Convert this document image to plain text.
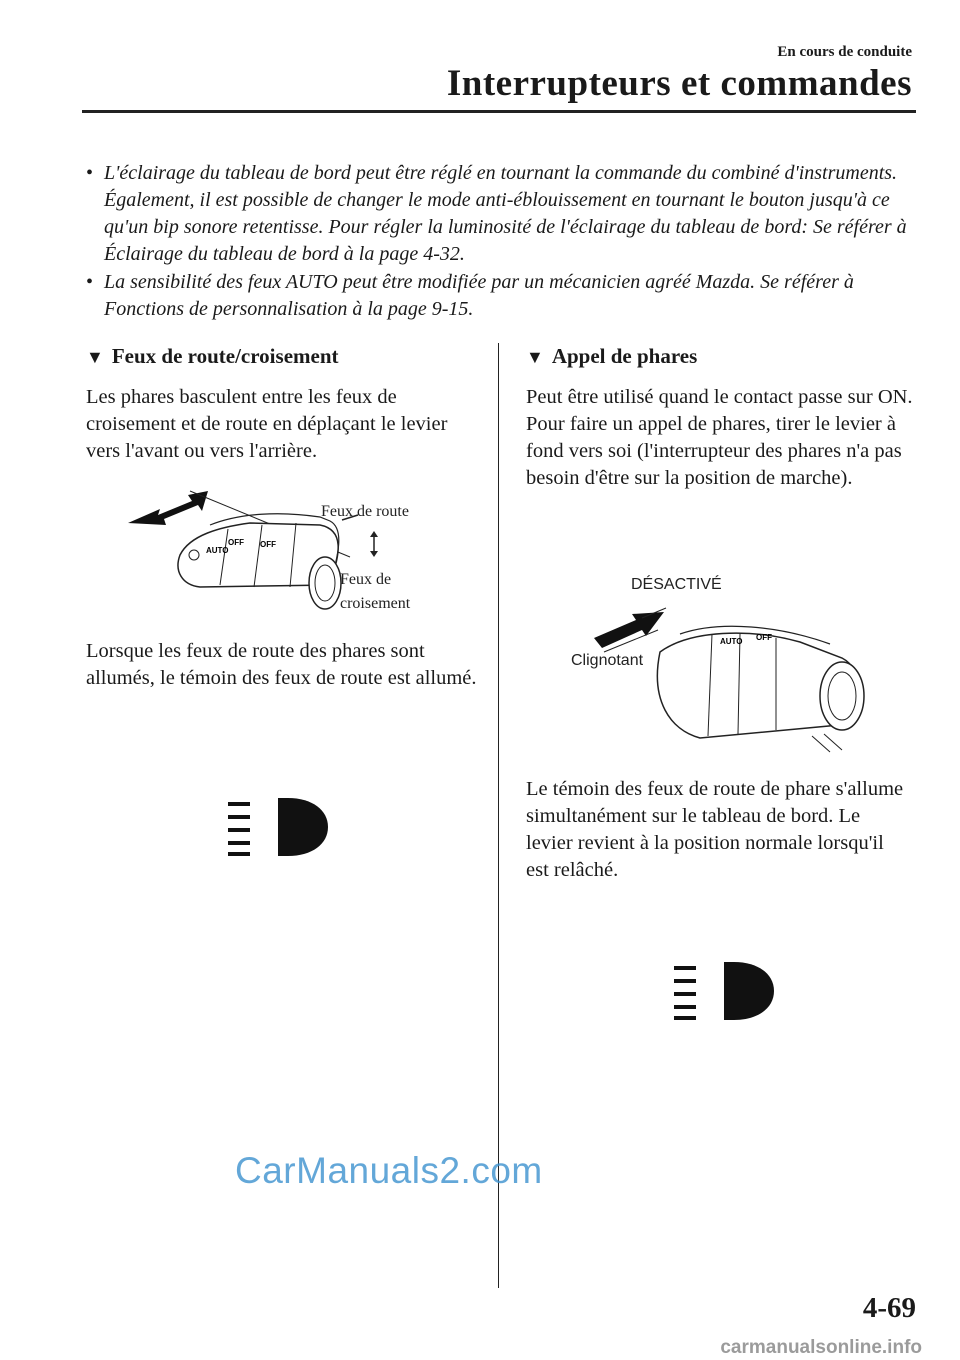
En cours de conduite
Interrupteurs et commandes
• L'éclairage du tableau de bord peut être réglé en tournant la commande du combiné d'instruments. Également, il est possible de changer le mode anti-éblouissement en tournant le bouton jusqu'à ce qu'un bip sonore retentisse. Pour régler la luminosité de l'éclairage du tableau de bord: Se référer à Éclairage du tableau de bord à la page 4-32.
• La sensibilité des feux AUTO peut être modifiée par un mécanicien agréé Mazda. Se référer à Fonctions de personnalisation à la page 9-15.
▼ Feux de route/croisement
Les phares basculent entre les feux de croisement et de route en déplaçant le levier vers l'avant ou vers l'arrière.
OFF
AUTO
OFF
Feux de route
Feux de
croisement
Lorsque les feux de route des phares sont allumés, le témoin des feux de route est allumé.
▼ Appel de phares
Peut être utilisé quand le contact passe sur ON.
Pour faire un appel de phares, tirer le levier à fond vers soi (l'interrupteur des phares n'a pas besoin d'être sur la position de marche).
AUTO OFF
DÉSACTIVÉ
Clignotant
Le témoin des feux de route de phare s'allume simultanément sur le tableau de bord. Le levier revient à la position normale lorsqu'il est relâché.
CarManuals2.com
4-69
carmanualsonline.info
